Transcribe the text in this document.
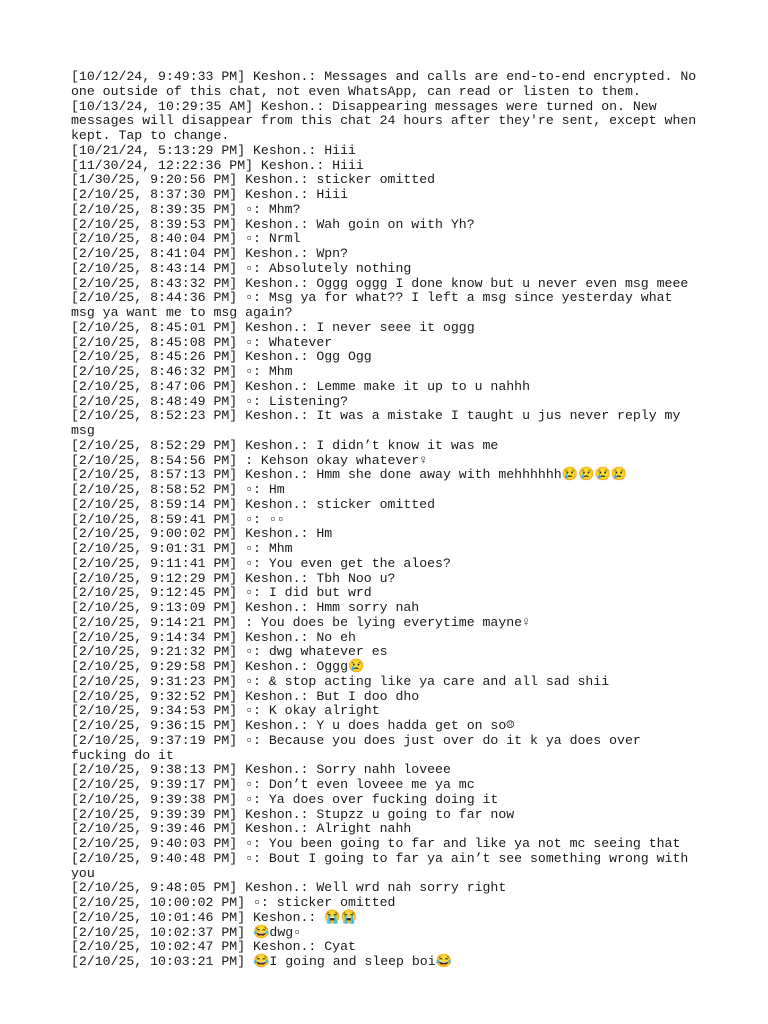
[10/12/24, 9:49:33 PM] Keshon.: Messages and calls are end-to-end encrypted. No one outside of this chat, not even WhatsApp, can read or listen to them.
[10/13/24, 10:29:35 AM] Keshon.: Disappearing messages were turned on. New messages will disappear from this chat 24 hours after they're sent, except when kept. Tap to change.
[10/21/24, 5:13:29 PM] Keshon.: Hiii
[11/30/24, 12:22:36 PM] Keshon.: Hiii
[1/30/25, 9:20:56 PM] Keshon.: sticker omitted
[2/10/25, 8:37:30 PM] Keshon.: Hiii
[2/10/25, 8:39:35 PM] ▫: Mhm?
[2/10/25, 8:39:53 PM] Keshon.: Wah goin on with Yh?
[2/10/25, 8:40:04 PM] ▫: Nrml
[2/10/25, 8:41:04 PM] Keshon.: Wpn?
[2/10/25, 8:43:14 PM] ▫: Absolutely nothing
[2/10/25, 8:43:32 PM] Keshon.: Oggg oggg I done know but u never even msg meee
[2/10/25, 8:44:36 PM] ▫: Msg ya for what?? I left a msg since yesterday what msg ya want me to msg again?
[2/10/25, 8:45:01 PM] Keshon.: I never seee it oggg
[2/10/25, 8:45:08 PM] ▫: Whatever
[2/10/25, 8:45:26 PM] Keshon.: Ogg Ogg
[2/10/25, 8:46:32 PM] ▫: Mhm
[2/10/25, 8:47:06 PM] Keshon.: Lemme make it up to u nahhh
[2/10/25, 8:48:49 PM] ▫: Listening?
[2/10/25, 8:52:23 PM] Keshon.: It was a mistake I taught u jus never reply my msg
[2/10/25, 8:52:29 PM] Keshon.: I didn’t know it was me
[2/10/25, 8:54:56 PM] : Kehson okay whatever♀
[2/10/25, 8:57:13 PM] Keshon.: Hmm she done away with mehhhhhh😢😢😢😢
[2/10/25, 8:58:52 PM] ▫: Hm
[2/10/25, 8:59:14 PM] Keshon.: sticker omitted
[2/10/25, 8:59:41 PM] ▫: ▫▫
[2/10/25, 9:00:02 PM] Keshon.: Hm
[2/10/25, 9:01:31 PM] ▫: Mhm
[2/10/25, 9:11:41 PM] ▫: You even get the aloes?
[2/10/25, 9:12:29 PM] Keshon.: Tbh Noo u?
[2/10/25, 9:12:45 PM] ▫: I did but wrd
[2/10/25, 9:13:09 PM] Keshon.: Hmm sorry nah
[2/10/25, 9:14:21 PM] : You does be lying everytime mayne♀
[2/10/25, 9:14:34 PM] Keshon.: No eh
[2/10/25, 9:21:32 PM] ▫: dwg whatever es
[2/10/25, 9:29:58 PM] Keshon.: Oggg😢
[2/10/25, 9:31:23 PM] ▫: & stop acting like ya care and all sad shii
[2/10/25, 9:32:52 PM] Keshon.: But I doo dho
[2/10/25, 9:34:53 PM] ▫: K okay alright
[2/10/25, 9:36:15 PM] Keshon.: Y u does hadda get on so☹
[2/10/25, 9:37:19 PM] ▫: Because you does just over do it k ya does over fucking do it
[2/10/25, 9:38:13 PM] Keshon.: Sorry nahh loveee
[2/10/25, 9:39:17 PM] ▫: Don’t even loveee me ya mc
[2/10/25, 9:39:38 PM] ▫: Ya does over fucking doing it
[2/10/25, 9:39:39 PM] Keshon.: Stupzz u going to far now
[2/10/25, 9:39:46 PM] Keshon.: Alright nahh
[2/10/25, 9:40:03 PM] ▫: You been going to far and like ya not mc seeing that
[2/10/25, 9:40:48 PM] ▫: Bout I going to far ya ain’t see something wrong with you
[2/10/25, 9:48:05 PM] Keshon.: Well wrd nah sorry right
[2/10/25, 10:00:02 PM] ▫: sticker omitted
[2/10/25, 10:01:46 PM] Keshon.: 😭😭
[2/10/25, 10:02:37 PM] 😂dwg▫
[2/10/25, 10:02:47 PM] Keshon.: Cyat
[2/10/25, 10:03:21 PM] 😂I going and sleep boi😂
